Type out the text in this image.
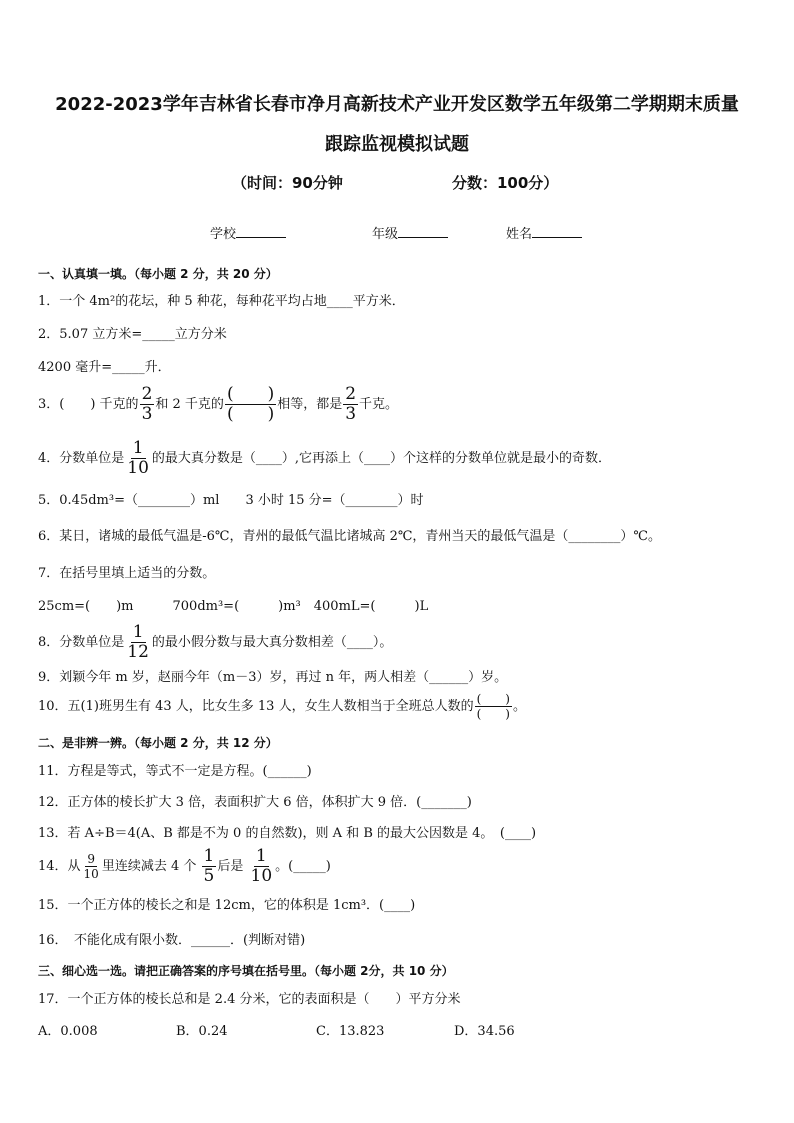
2022-2023学年吉林省长春市净月高新技术产业开发区数学五年级第二学期期末质量
跟踪监视模拟试题
（时间：90分钟	分数：100分）
学校	年级	姓名
一、认真填一填。（每小题 2 分，共 20 分）
1．一个 4m²的花坛，种 5 种花，每种花平均占地____平方米．
2．5.07 立方米=_____立方分米
4200 毫升=_____升．
3．(　　) 千克的 $\frac{2}{3}$ 和 2 千克的 $\frac{( )}{( )}$ 相等，都是 $\frac{2}{3}$ 千克。
4．分数单位是 $\frac{1}{10}$ 的最大真分数是（____）,它再添上（____）个这样的分数单位就是最小的奇数．
5．0.45dm³=（________）ml　　3 小时 15 分=（________）时
6．某日，诸城的最低气温是-6℃，青州的最低气温比诸城高 2℃，青州当天的最低气温是（________）℃。
7．在括号里填上适当的分数。
25cm=(　　)m　　　700dm³=(　　　)m³　400mL=(　　　)L
8．分数单位是 $\frac{1}{12}$ 的最小假分数与最大真分数相差（____）。
9．刘颖今年 m 岁，赵丽今年（m－3）岁，再过 n 年，两人相差（______）岁。
10．五(1)班男生有 43 人，比女生多 13 人，女生人数相当于全班总人数的 $\frac{( )}{( )}$ 。
二、是非辨一辨。（每小题 2 分，共 12 分）
11．方程是等式，等式不一定是方程。(______)
12．正方体的棱长扩大 3 倍，表面积扩大 6 倍，体积扩大 9 倍．(_______)
13．若 A÷B＝4(A、B 都是不为 0 的自然数)，则 A 和 B 的最大公因数是 4。　(____)
14．从 $\frac{9}{10}$ 里连续减去 4 个 $\frac{1}{5}$ 后是 $\frac{1}{10}$ 。(_____)
15．一个正方体的棱长之和是 12cm，它的体积是 1cm³．(____)
16．　不能化成有限小数．______．(判断对错)
三、细心选一选。请把正确答案的序号填在括号里。（每小题 2分，共 10 分）
17．一个正方体的棱长总和是 2.4 分米，它的表面积是（　　）平方分米
A．0.008	B．0.24	C．13.823	D．34.56
